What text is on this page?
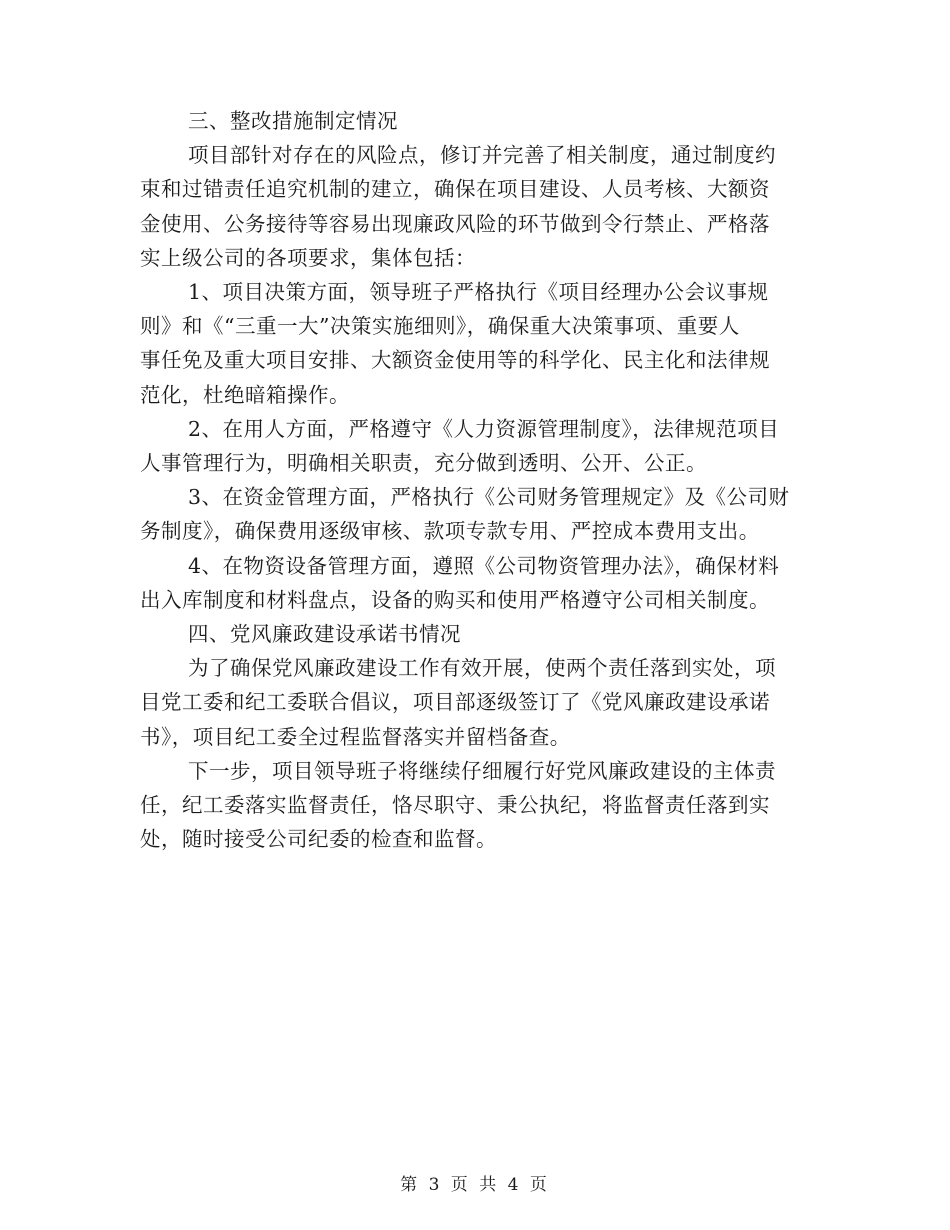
三、整改措施制定情况

项目部针对存在的风险点，修订并完善了相关制度，通过制度约
束和过错责任追究机制的建立，确保在项目建设、人员考核、大额资
金使用、公务接待等容易出现廉政风险的环节做到令行禁止、严格落
实上级公司的各项要求，集体包括：

1、项目决策方面，领导班子严格执行《项目经理办公会议事规
则》和《“三重一大”决策实施细则》，确保重大决策事项、重要人
事任免及重大项目安排、大额资金使用等的科学化、民主化和法律规
范化，杜绝暗箱操作。

2、在用人方面，严格遵守《人力资源管理制度》，法律规范项目
人事管理行为，明确相关职责，充分做到透明、公开、公正。

3、在资金管理方面，严格执行《公司财务管理规定》及《公司财
务制度》，确保费用逐级审核、款项专款专用、严控成本费用支出。

4、在物资设备管理方面，遵照《公司物资管理办法》，确保材料
出入库制度和材料盘点，设备的购买和使用严格遵守公司相关制度。

四、党风廉政建设承诺书情况

为了确保党风廉政建设工作有效开展，使两个责任落到实处，项
目党工委和纪工委联合倡议，项目部逐级签订了《党风廉政建设承诺
书》，项目纪工委全过程监督落实并留档备查。

下一步，项目领导班子将继续仔细履行好党风廉政建设的主体责
任，纪工委落实监督责任，恪尽职守、秉公执纪，将监督责任落到实
处，随时接受公司纪委的检查和监督。

第 3 页 共 4 页
